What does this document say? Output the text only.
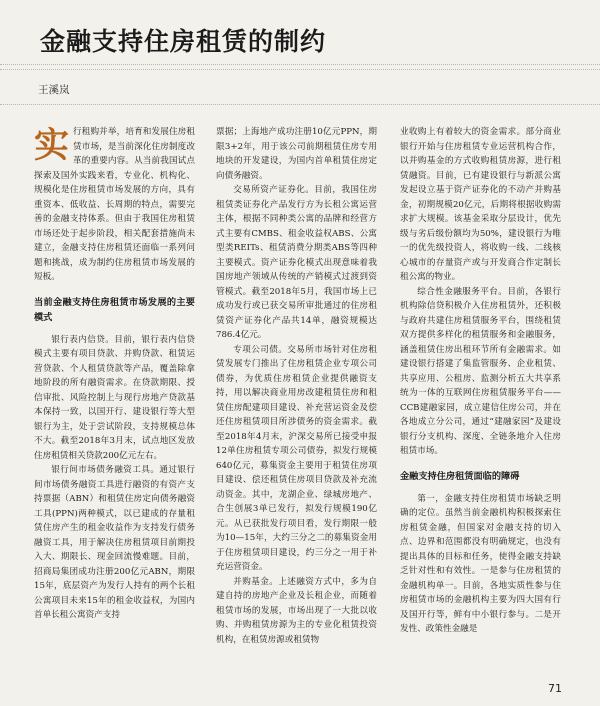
金融支持住房租赁的制约
王溪岚

实行租购并举，培育和发展住房租赁市场，是当前深化住房制度改革的重要内容。从当前我国试点探索及国外实践来看，专业化、机构化、规模化是住房租赁市场发展的方向，具有重资本、低收益、长周期的特点，需要完善的金融支持体系。但由于我国住房租赁市场还处于起步阶段，相关配套措施尚未建立，金融支持住房租赁还面临一系列问题和挑战，成为制约住房租赁市场发展的短板。

当前金融支持住房租赁市场发展的主要模式

银行表内信贷。目前，银行表内信贷模式主要有项目贷款、并购贷款、租赁运营贷款、个人租赁贷款等产品，覆盖除拿地阶段的所有融资需求。在贷款期限、授信审批、风险控制上与现行房地产贷款基本保持一致，以国开行、建设银行等大型银行为主，处于尝试阶段，支持规模总体不大。截至2018年3月末，试点地区发放住房租赁相关贷款200亿元左右。

银行间市场债务融资工具。通过银行间市场债务融资工具进行融资的有资产支持票据（ABN）和租赁住房定向债务融资工具(PPN)两种模式，以已建成的存量租赁住房产生的租金收益作为支持发行债务融资工具，用于解决住房租赁项目前期投入大、期限长、现金回流慢难题。目前，招商局集团成功注册200亿元ABN，期限15年，底层资产为发行人持有的两个长租公寓项目未来15年的租金收益权，为国内首单长租公寓资产支持

票据；上海地产成功注册10亿元PPN，期限3+2年，用于该公司前期租赁住房专用地块的开发建设，为国内首单租赁住房定向债务融资。

交易所资产证券化。目前，我国住房租赁类证券化产品发行方为长租公寓运营主体，根据不同种类公寓的品牌和经营方式主要有CMBS、租金收益权ABS、公寓型类REITs、租赁消费分期类ABS等四种主要模式。资产证券化模式出现意味着我国房地产领域从传统的产销模式过渡到资管模式。截至2018年5月，我国市场上已成功发行或已获交易所审批通过的住房租赁资产证券化产品共14单，融资规模达786.4亿元。

专项公司债。交易所市场针对住房租赁发展专门推出了住房租赁企业专项公司债券，为优质住房租赁企业提供融资支持，用以解决商业用房改建租赁住房和租赁住房配建项目建设、补充营运资金及偿还住房租赁项目所涉债务的资金需求。截至2018年4月末，沪深交易所已接受申报12单住房租赁专项公司债券，拟发行规模640亿元，募集资金主要用于租赁住房项目建设、偿还租赁住房项目贷款及补充流动资金。其中，龙湖企业、绿城房地产、合生创展3单已发行，拟发行规模190亿元。从已获批发行项目看，发行期限一般为10—15年，大约三分之二的募集资金用于住房租赁项目建设，约三分之一用于补充运营资金。

并购基金。上述融资方式中，多为自建自持的房地产企业及长租企业，而随着租赁市场的发展，市场出现了一大批以收购、并购租赁房源为主的专业化租赁投资机构，在租赁房源或租赁物

业收购上有着较大的资金需求。部分商业银行开始与住房租赁专业运营机构合作，以并购基金的方式收购租赁房源，进行租赁融资。目前，已有建设银行与新派公寓发起设立基于资产证券化的不动产并购基金，初期规模20亿元，后期将根据收购需求扩大规模。该基金采取分层设计，优先级与劣后级份额均为50%，建设银行为唯一的优先级投资人，将收购一线、二线核心城市的存量资产或与开发商合作定制长租公寓的物业。

综合性金融服务平台。目前，各银行机构除信贷积极介入住房租赁外，还积极与政府共建住房租赁服务平台，围绕租赁双方提供多样化的租赁服务和金融服务，涵盖租赁住房出租环节所有金融需求。如建设银行搭建了集监管服务、企业租赁、共享应用、公租房、监测分析五大共享系统为一体的互联网住房租赁服务平台——CCB建融家园，成立建信住房公司，并在各地成立分公司，通过“建融家园”及建设银行分支机构、深度、全链条地介入住房租赁市场。

金融支持住房租赁面临的障碍

第一，金融支持住房租赁市场缺乏明确的定位。虽然当前金融机构积极探索住房租赁金融，但国家对金融支持的切入点、边界和范围都没有明确规定，也没有提出具体的目标和任务，使得金融支持缺乏针对性和有效性。一是参与住房租赁的金融机构单一。目前，各地实质性参与住房租赁市场的金融机构主要为四大国有行及国开行等，鲜有中小银行参与。二是开发性、政策性金融是

71
